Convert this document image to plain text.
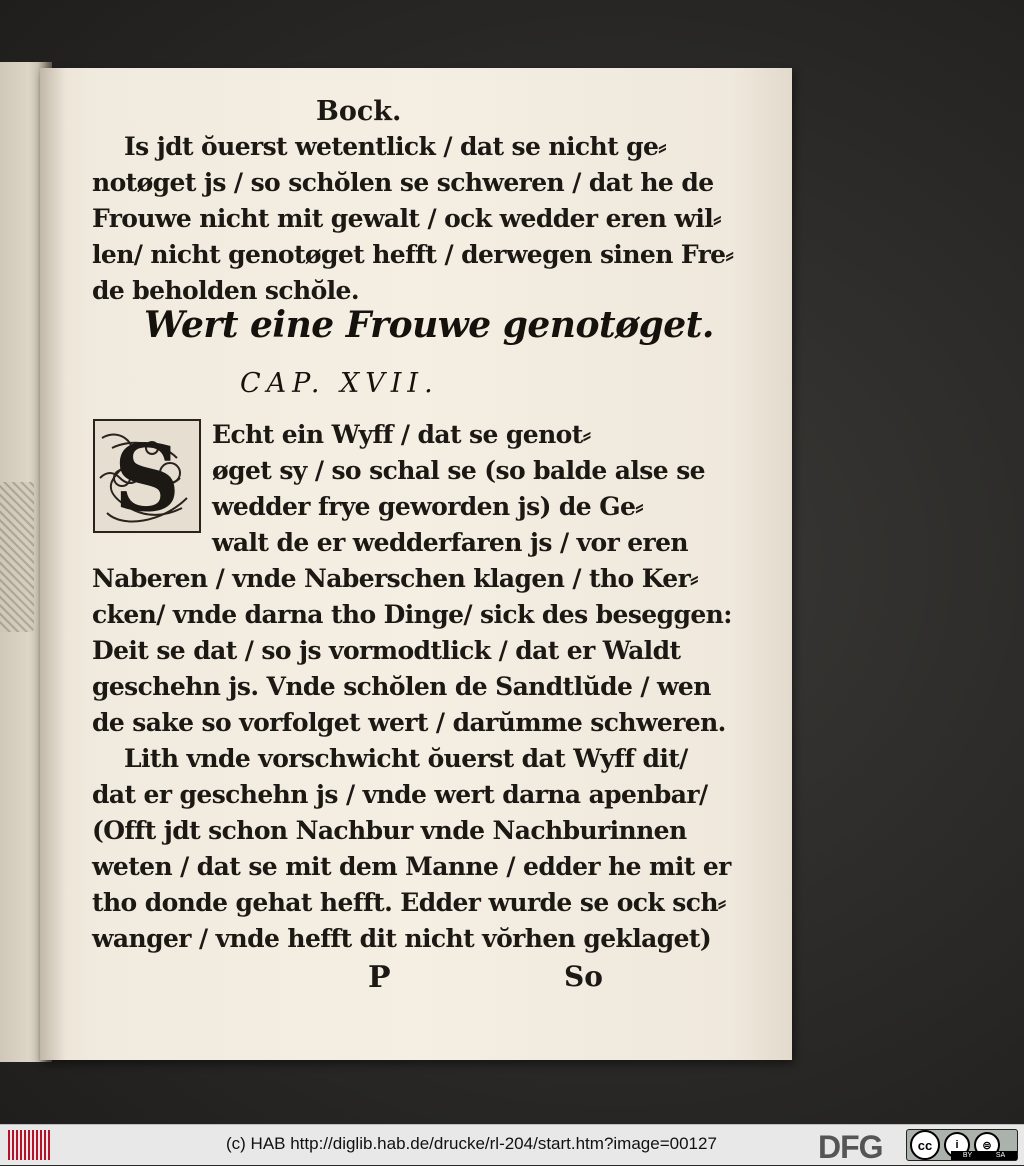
Bock.
Is jdt ŏuerst wetentlick / dat se nicht ge⸗
notøget js / so schŏlen se schweren / dat he de
Frouwe nicht mit gewalt / ock wedder eren wil⸗
len/ nicht genotøget hefft / derwegen sinen Fre⸗
de beholden schŏle.
Wert eine Frouwe genotøget.
CAP. XVII.
S Echt ein Wyff / dat se genot⸗
øget sy / so schal se (so balde alse se
wedder frye geworden js) de Ge⸗
walt de er wedderfaren js / vor eren
Naberen / vnde Naberschen klagen / tho Ker⸗
cken/ vnde darna tho Dinge/ sick des beseggen:
Deit se dat / so js vormodtlick / dat er Waldt
geschehn js. Vnde schŏlen de Sandtlŭde / wen
de sake so vorfolget wert / darŭmme schweren.
Lith vnde vorschwicht ŏuerst dat Wyff dit/
dat er geschehn js / vnde wert darna apenbar/
(Offt jdt schon Nachbur vnde Nachburinnen
weten / dat se mit dem Manne / edder he mit er
tho donde gehat hefft. Edder wurde se ock sch⸗
wanger / vnde hefft dit nicht vŏrhen geklaget)
P	So
(c) HAB http://diglib.hab.de/drucke/rl-204/start.htm?image=00127	DFG	cc	i	⊜
BY	SA
